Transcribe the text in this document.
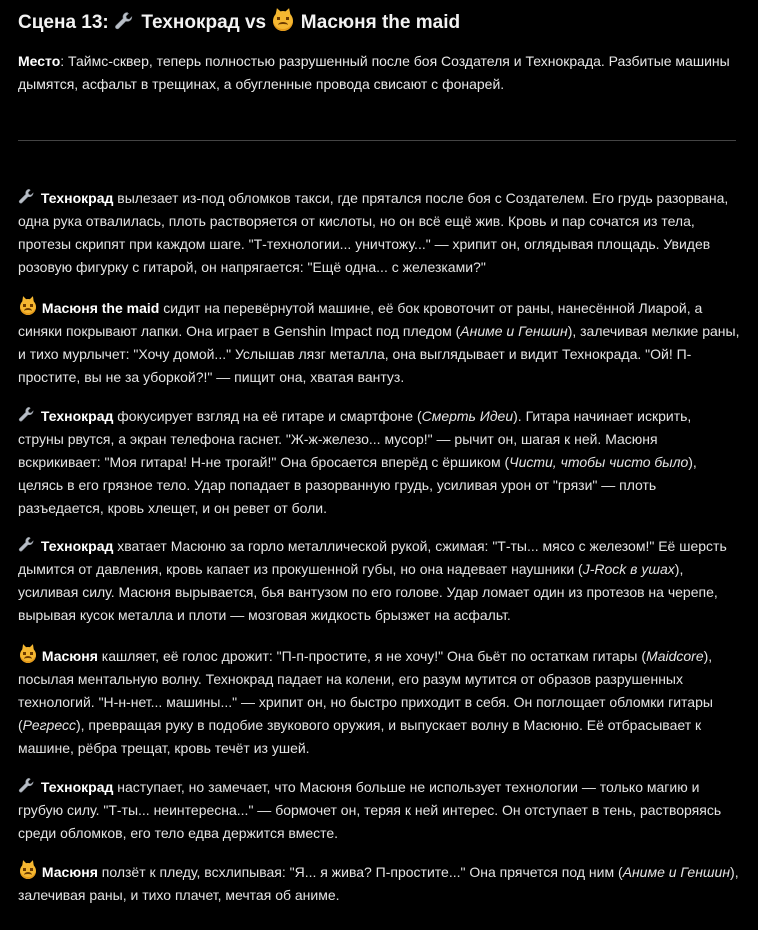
Сцена 13: Технокрад vs Масюня the maid
Место: Таймс-сквер, теперь полностью разрушенный после боя Создателя и Технокрада. Разбитые машины дымятся, асфальт в трещинах, а обугленные провода свисают с фонарей.

Технокрад вылезает из-под обломков такси, где прятался после боя с Создателем. Его грудь разорвана, одна рука отвалилась, плоть растворяется от кислоты, но он всё ещё жив. Кровь и пар сочатся из тела, протезы скрипят при каждом шаге. "Т-технологии... уничтожу..." — хрипит он, оглядывая площадь. Увидев розовую фигурку с гитарой, он напрягается: "Ещё одна... с железками?"

Масюня the maid сидит на перевёрнутой машине, её бок кровоточит от раны, нанесённой Лиарой, а синяки покрывают лапки. Она играет в Genshin Impact под пледом (Аниме и Геншин), залечивая мелкие раны, и тихо мурлычет: "Хочу домой..." Услышав лязг металла, она выглядывает и видит Технокрада. "Ой! П-простите, вы не за уборкой?!" — пищит она, хватая вантуз.

Технокрад фокусирует взгляд на её гитаре и смартфоне (Смерть Идеи). Гитара начинает искрить, струны рвутся, а экран телефона гаснет. "Ж-ж-железо... мусор!" — рычит он, шагая к ней. Масюня вскрикивает: "Моя гитара! Н-не трогай!" Она бросается вперёд с ёршиком (Чисти, чтобы чисто было), целясь в его грязное тело. Удар попадает в разорванную грудь, усиливая урон от "грязи" — плоть разъедается, кровь хлещет, и он ревет от боли.

Технокрад хватает Масюню за горло металлической рукой, сжимая: "Т-ты... мясо с железом!" Её шерсть дымится от давления, кровь капает из прокушенной губы, но она надевает наушники (J-Rock в ушах), усиливая силу. Масюня вырывается, бья вантузом по его голове. Удар ломает один из протезов на черепе, вырывая кусок металла и плоти — мозговая жидкость брызжет на асфальт.

Масюня кашляет, её голос дрожит: "П-п-простите, я не хочу!" Она бьёт по остаткам гитары (Maidcore), посылая ментальную волну. Технокрад падает на колени, его разум мутится от образов разрушенных технологий. "Н-н-нет... машины..." — хрипит он, но быстро приходит в себя. Он поглощает обломки гитары (Регресс), превращая руку в подобие звукового оружия, и выпускает волну в Масюню. Её отбрасывает к машине, рёбра трещат, кровь течёт из ушей.

Технокрад наступает, но замечает, что Масюня больше не использует технологии — только магию и грубую силу. "Т-ты... неинтересна..." — бормочет он, теряя к ней интерес. Он отступает в тень, растворяясь среди обломков, его тело едва держится вместе.

Масюня ползёт к пледу, всхлипывая: "Я... я жива? П-простите..." Она прячется под ним (Аниме и Геншин), залечивая раны, и тихо плачет, мечтая об аниме.
